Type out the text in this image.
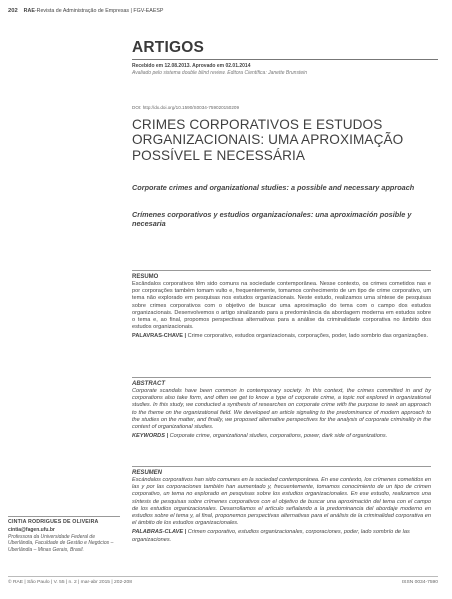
202 RAE-Revista de Administração de Empresas | FGV-EAESP
ARTIGOS
Recebido em 12.08.2013. Aprovado em 02.01.2014
Avaliado pelo sistema double blind review. Editora Científica: Janette Brunstein
DOI: http://dx.doi.org/10.1590/S0034-759020150209
CRIMES CORPORATIVOS E ESTUDOS
ORGANIZACIONAIS: UMA APROXIMAÇÃO
POSSÍVEL E NECESSÁRIA
Corporate crimes and organizational studies: a possible and necessary approach
Crímenes corporativos y estudios organizacionales: una aproximación posible y necesaria
RESUMO
Escândalos corporativos têm sido comuns na sociedade contemporânea. Nesse contexto, os crimes cometidos nas e por corporações também tomam vulto e, frequentemente, tomamos conhecimento de um tipo de crime corporativo, um tema não explorado em pesquisas nos estudos organizacionais. Neste estudo, realizamos uma síntese de pesquisas sobre crimes corporativos com o objetivo de buscar uma aproximação do tema com o campo dos estudos organizacionais. Desenvolvemos o artigo sinalizando para a predominância da abordagem moderna em estudos sobre o tema e, ao final, propomos perspectivas alternativas para a análise da criminalidade corporativa no âmbito dos estudos organizacionais.
PALAVRAS-CHAVE | Crime corporativo, estudos organizacionais, corporações, poder, lado sombrio das organizações.
ABSTRACT
Corporate scandals have been common in contemporary society. In this context, the crimes committed in and by corporations also take form, and often we get to know a type of corporate crime, a topic not explored in organizational studies. In this study, we conducted a synthesis of researches on corporate crime with the purpose to seek an approach to the theme on the organizational field. We developed an article signaling to the predominance of modern approach to the studies on the matter, and finally, we proposed alternative perspectives for the analysis of corporate criminality in the context of organizational studies.
KEYWORDS | Corporate crime, organizational studies, corporations, power, dark side of organizations.
RESUMEN
Escándalos corporativos han sido comunes en la sociedad contemporánea. En ese contexto, los crímenes cometidos en las y por las corporaciones también han aumentado y, frecuentemente, tomamos conocimiento de un tipo de crimen corporativo, un tema no explorado en pesquisas sobre los estudios organizacionales. En ese estudio, realizamos una síntesis de pesquisas sobre crímenes corporativos con el objetivo de buscar una aproximación del tema con el campo de los estudios organizacionales. Desarrollamos el artículo señalando a la predominancia del abordaje moderno en estudios sobre el tema y, al final, proponemos perspectivas alternativas para el análisis de la criminalidad corporativa en el ámbito de los estudios organizacionales.
PALABRAS-CLAVE | Crimen corporativo, estudios organizacionales, corporaciones, poder, lado sombrío de las organizaciones.
CINTIA RODRIGUES DE OLIVEIRA
cintia@fagen.ufu.br
Professora da Universidade Federal de Uberlândia, Faculdade de Gestão e Negócios – Uberlândia – Minas Gerais, Brasil.
© RAE | São Paulo | V. 55 | n. 2 | mar-abr 2015 | 202-208	ISSN 0034-7590
